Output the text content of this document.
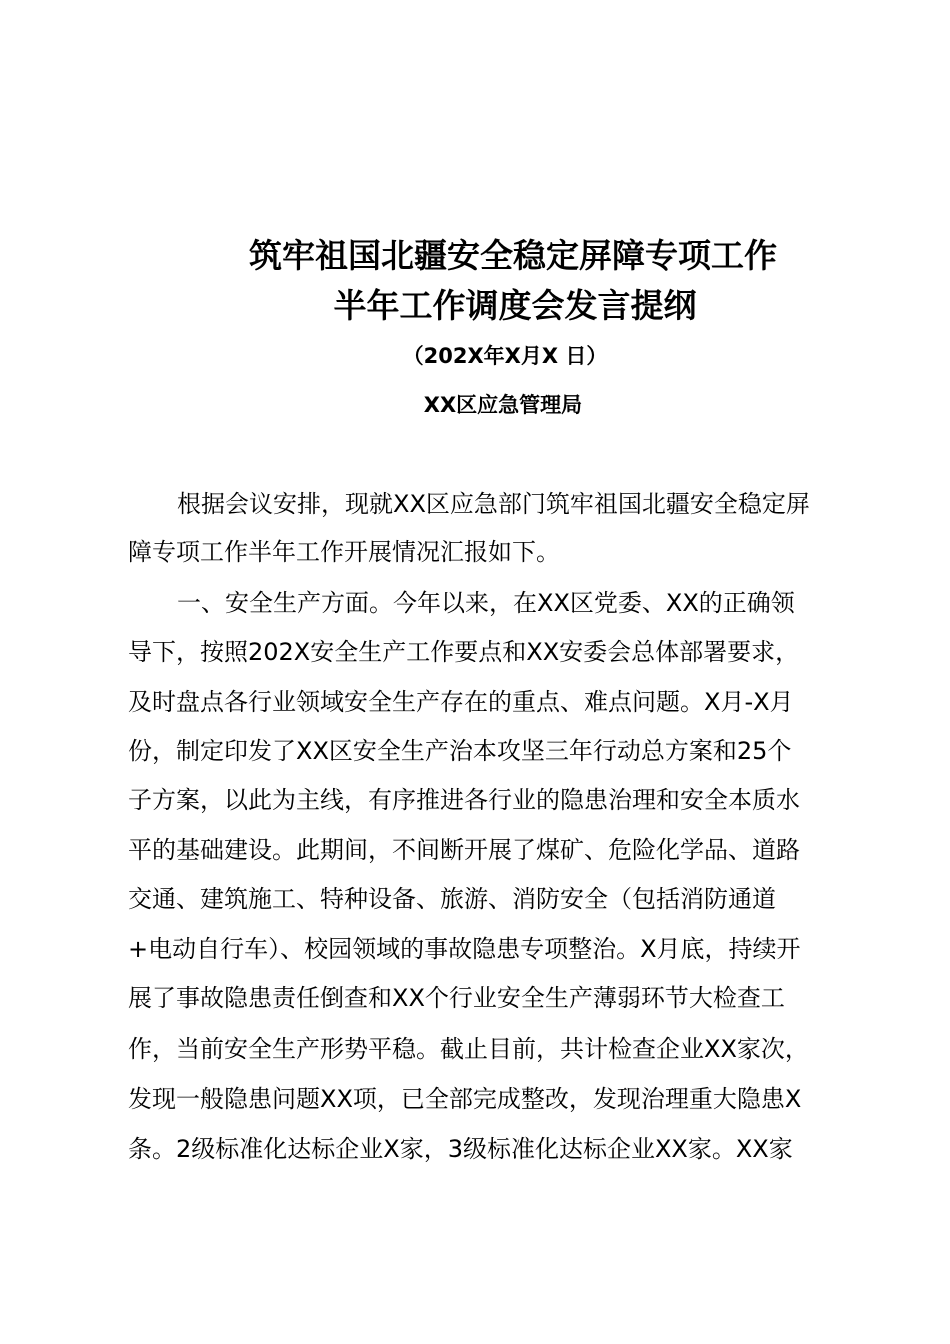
筑牢祖国北疆安全稳定屏障专项工作
半年工作调度会发言提纲
（202X年X月X 日）
XX区应急管理局
根据会议安排，现就XX区应急部门筑牢祖国北疆安全稳定屏
障专项工作半年工作开展情况汇报如下。
一、安全生产方面。今年以来，在XX区党委、XX的正确领
导下，按照202X安全生产工作要点和XX安委会总体部署要求，
及时盘点各行业领域安全生产存在的重点、难点问题。X月-X月
份，制定印发了XX区安全生产治本攻坚三年行动总方案和25个
子方案，以此为主线，有序推进各行业的隐患治理和安全本质水
平的基础建设。此期间，不间断开展了煤矿、危险化学品、道路
交通、建筑施工、特种设备、旅游、消防安全（包括消防通道
+电动自行车）、校园领域的事故隐患专项整治。X月底，持续开
展了事故隐患责任倒查和XX个行业安全生产薄弱环节大检查工
作，当前安全生产形势平稳。截止目前，共计检查企业XX家次，
发现一般隐患问题XX项，已全部完成整改，发现治理重大隐患X
条。2级标准化达标企业X家，3级标准化达标企业XX家。XX家
